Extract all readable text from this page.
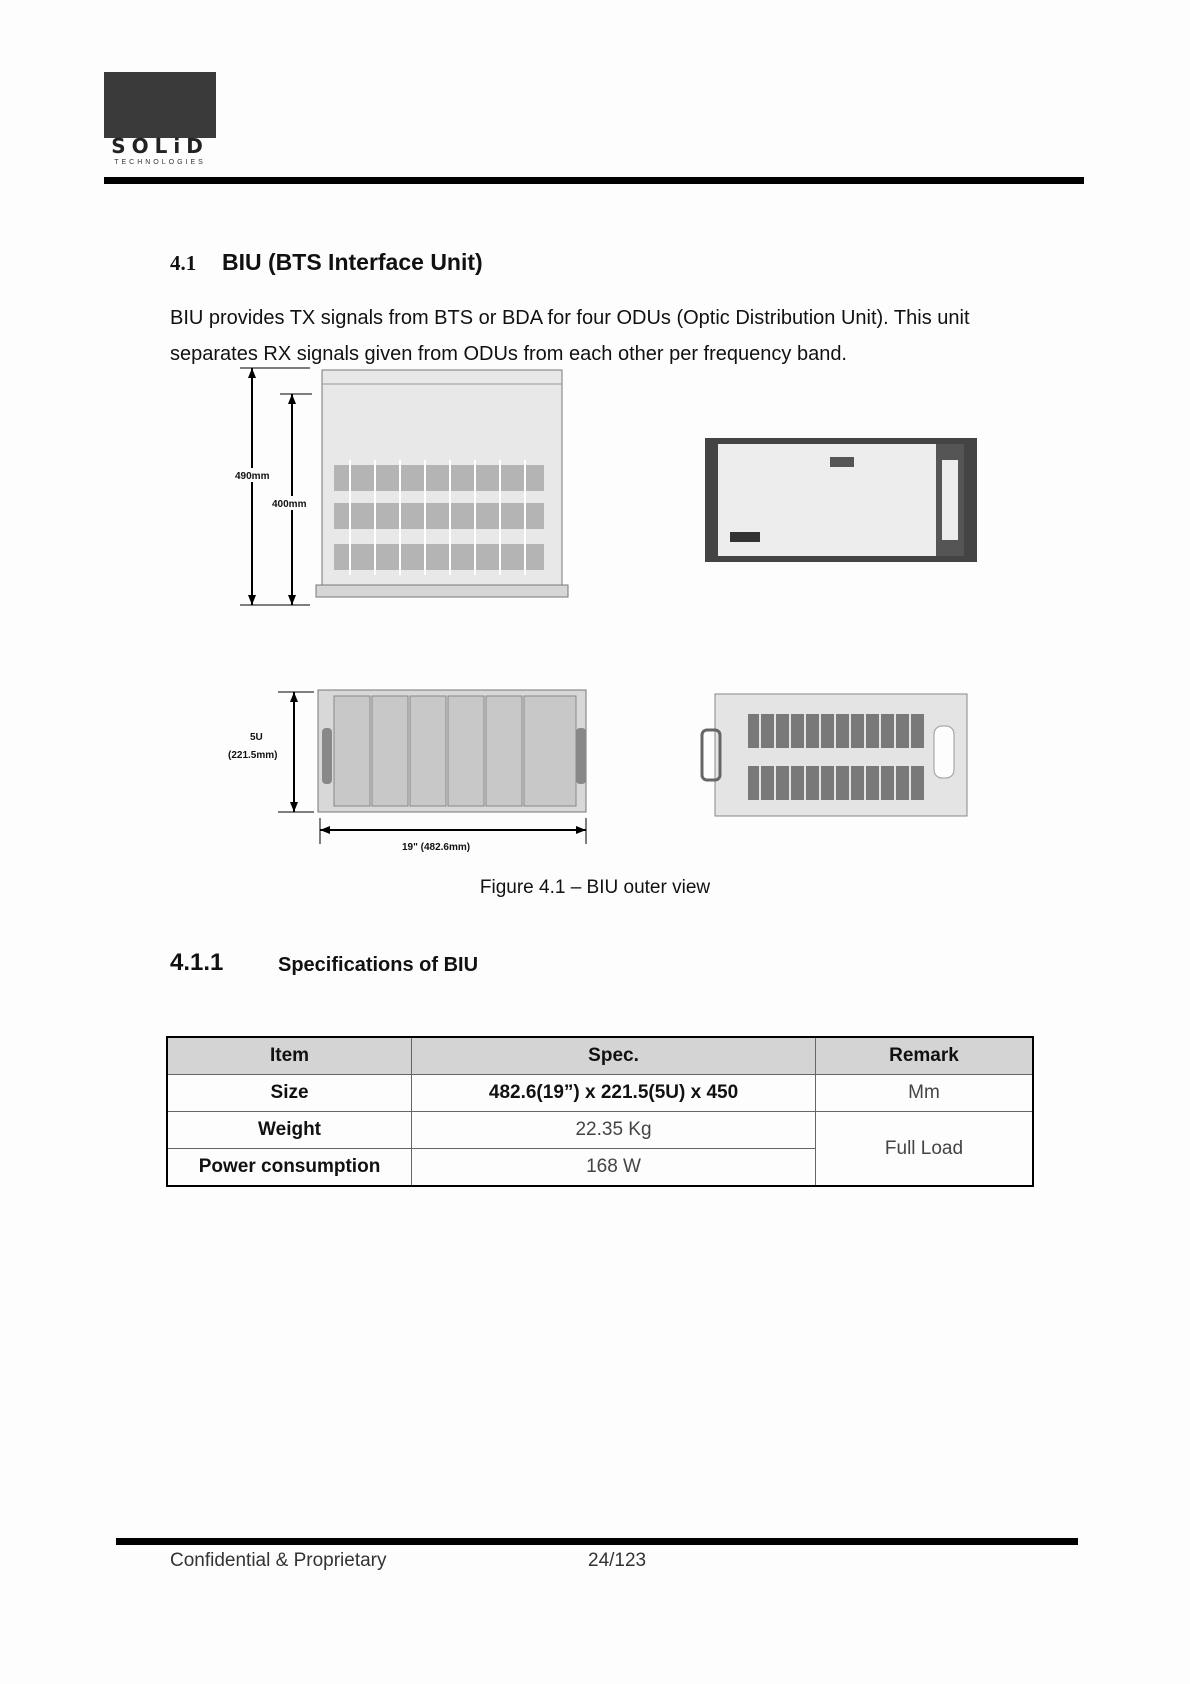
SOLiD
TECHNOLOGIES
4.1 BIU (BTS Interface Unit)
BIU provides TX signals from BTS or BDA for four ODUs (Optic Distribution Unit). This unit separates RX signals given from ODUs from each other per frequency band.
490mm
400mm
5U
(221.5mm)
19" (482.6mm)
Figure 4.1 – BIU outer view
4.1.1	Specifications of BIU
Item	Spec.	Remark
Size	482.6(19”) x 221.5(5U) x 450	Mm
Weight	22.35 Kg	Full Load
Power consumption	168 W	
Confidential & Proprietary	24/123
